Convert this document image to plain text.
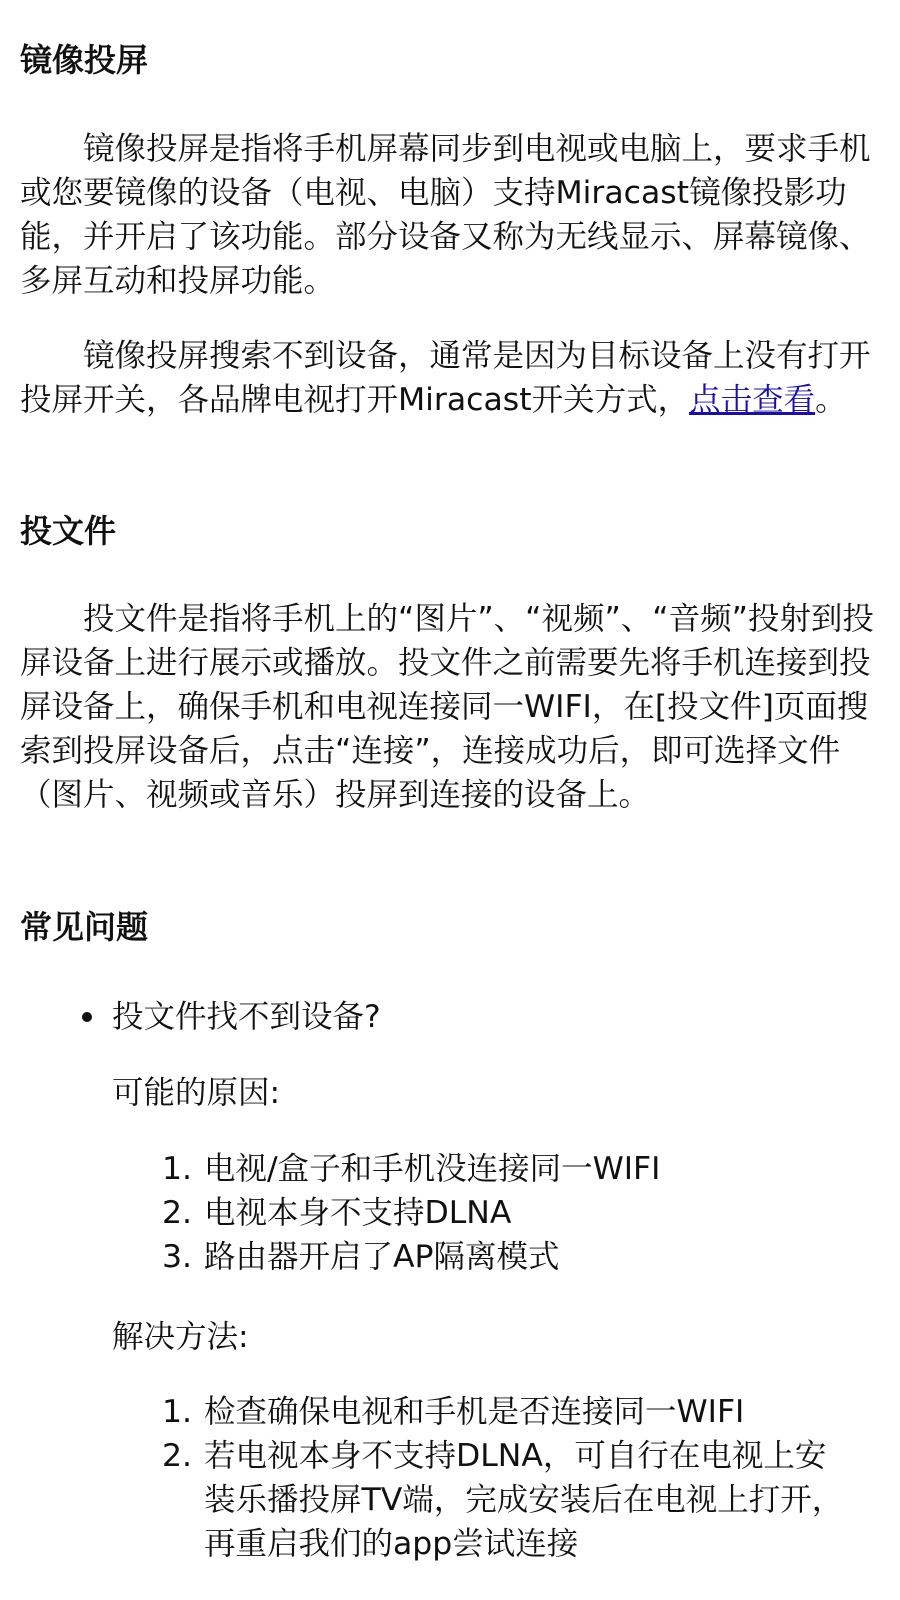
镜像投屏

镜像投屏是指将手机屏幕同步到电视或电脑上，要求手机或您要镜像的设备（电视、电脑）支持Miracast镜像投影功能，并开启了该功能。部分设备又称为无线显示、屏幕镜像、多屏互动和投屏功能。

镜像投屏搜索不到设备，通常是因为目标设备上没有打开投屏开关，各品牌电视打开Miracast开关方式，点击查看。

投文件

投文件是指将手机上的“图片”、“视频”、“音频”投射到投屏设备上进行展示或播放。投文件之前需要先将手机连接到投屏设备上，确保手机和电视连接同一WIFI，在[投文件]页面搜索到投屏设备后，点击“连接”，连接成功后，即可选择文件（图片、视频或音乐）投屏到连接的设备上。

常见问题
投文件找不到设备?
可能的原因:
1. 电视/盒子和手机没连接同一WIFI
2. 电视本身不支持DLNA
3. 路由器开启了AP隔离模式
解决方法:
1. 检查确保电视和手机是否连接同一WIFI
2. 若电视本身不支持DLNA，可自行在电视上安装乐播投屏TV端，完成安装后在电视上打开，再重启我们的app尝试连接
